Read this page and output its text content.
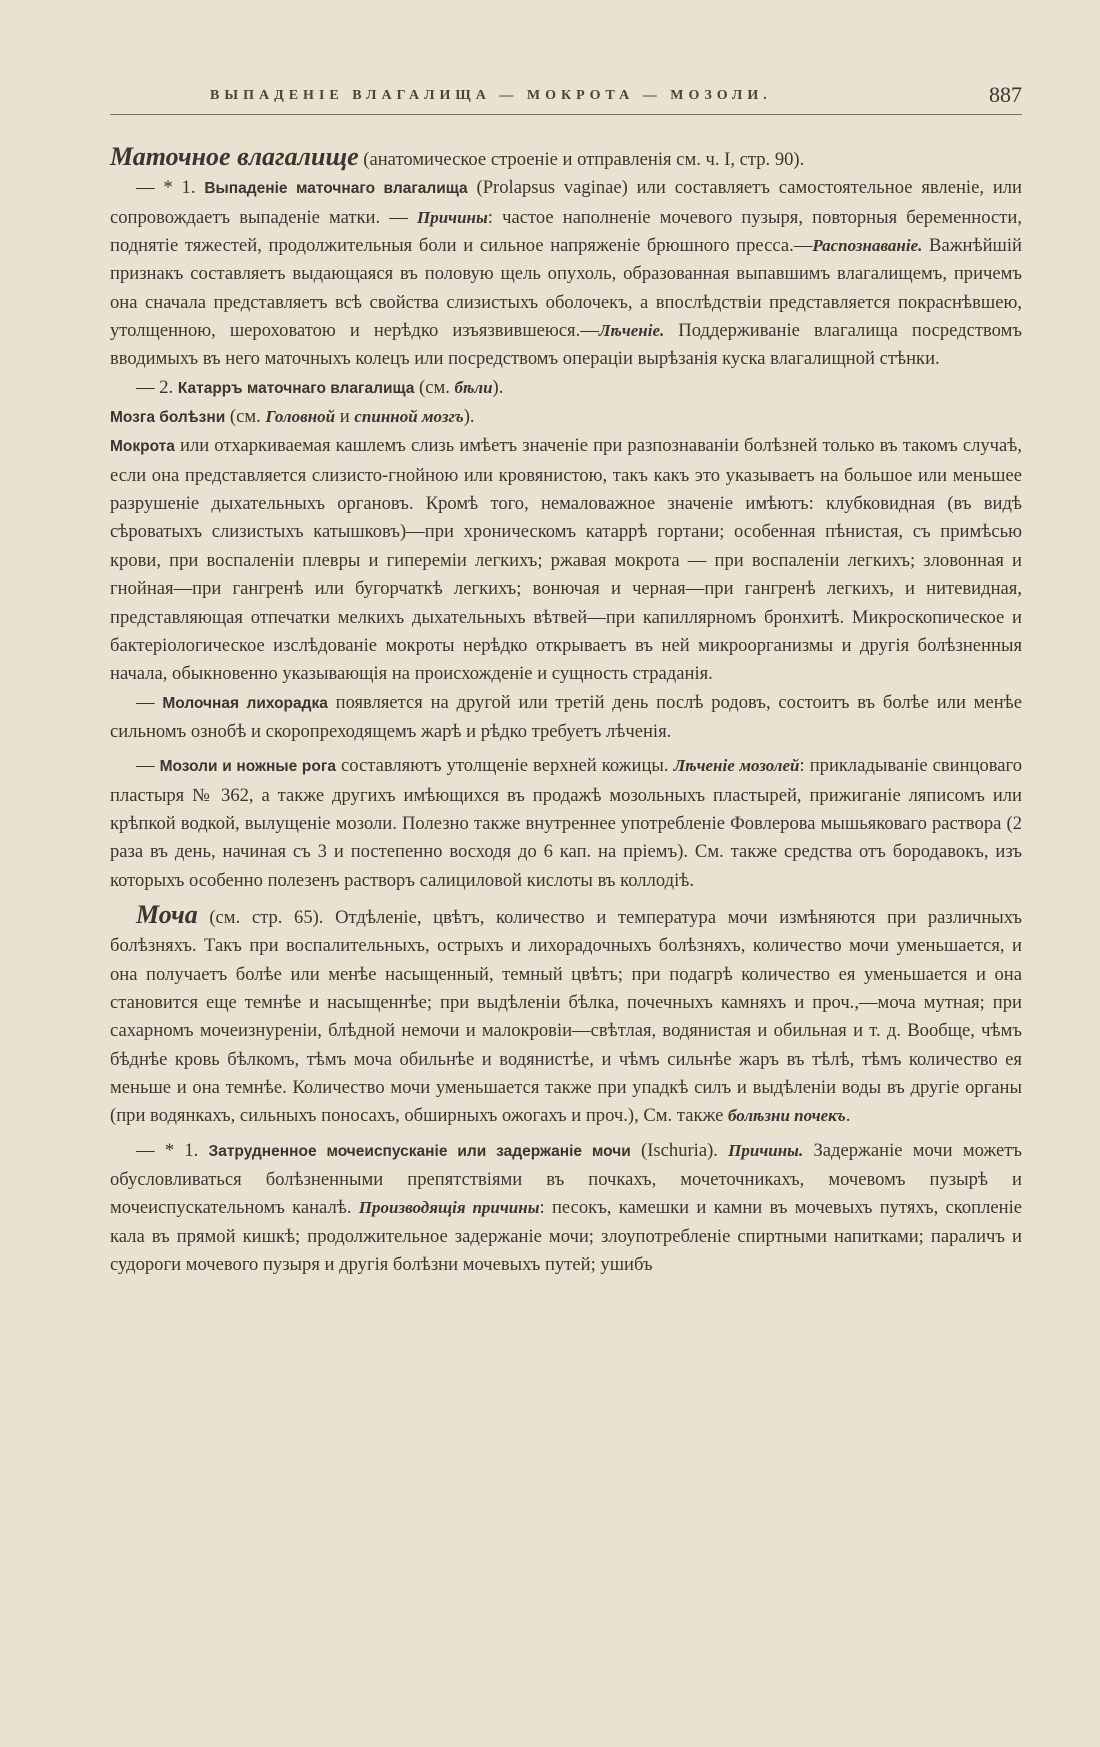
ВЫПАДЕНІЕ ВЛАГАЛИЩА — МОКРОТА — МОЗОЛИ.	887

Маточное влагалище (анатомическое строеніе и отправленія см. ч. I, стр. 90).

— * 1. Выпаденіе маточнаго влагалища (Prolapsus vaginae) или составляетъ самостоятельное явленіе, или сопровождаетъ выпаденіе матки. — Причины: частое наполненіе мочевого пузыря, повторныя беременности, поднятіе тяжестей, продолжительныя боли и сильное напряженіе брюшного пресса.—Распознаваніе. Важнѣйшій признакъ составляетъ выдающаяся въ половую щель опухоль, образованная выпавшимъ влагалищемъ, причемъ она сначала представляетъ всѣ свойства слизистыхъ оболочекъ, а впослѣдствіи представляется покраснѣвшею, утолщенною, шероховатою и нерѣдко изъязвившеюся.—Лѣченіе. Поддерживаніе влагалища посредствомъ вводимыхъ въ него маточныхъ колецъ или посредствомъ операціи вырѣзанія куска влагалищной стѣнки.

— 2. Катарръ маточнаго влагалища (см. бѣли).

Мозга болѣзни (см. Головной и спинной мозгъ).

Мокрота или отхаркиваемая кашлемъ слизь имѣетъ значеніе при разпознаваніи болѣзней только въ такомъ случаѣ, если она представляется слизисто-гнойною или кровянистою, такъ какъ это указываетъ на большое или меньшее разрушеніе дыхательныхъ органовъ. Кромѣ того, немаловажное значеніе имѣютъ: клубковидная (въ видѣ сѣроватыхъ слизистыхъ катышковъ)—при хроническомъ катаррѣ гортани; особенная пѣнистая, съ примѣсью крови, при воспаленіи плевры и гипереміи легкихъ; ржавая мокрота — при воспаленіи легкихъ; зловонная и гнойная—при гангренѣ или бугорчаткѣ легкихъ; вонючая и черная—при гангренѣ легкихъ, и нитевидная, представляющая отпечатки мелкихъ дыхательныхъ вѣтвей—при капиллярномъ бронхитѣ. Микроскопическое и бактеріологическое изслѣдованіе мокроты нерѣдко открываетъ въ ней микроорганизмы и другія болѣзненныя начала, обыкновенно указывающія на происхожденіе и сущность страданія.

— Молочная лихорадка появляется на другой или третій день послѣ родовъ, состоитъ въ болѣе или менѣе сильномъ ознобѣ и скоропреходящемъ жарѣ и рѣдко требуетъ лѣченія.

— Мозоли и ножные рога составляютъ утолщеніе верхней кожицы. Лѣченіе мозолей: прикладываніе свинцоваго пластыря № 362, а также другихъ имѣющихся въ продажѣ мозольныхъ пластырей, прижиганіе ляписомъ или крѣпкой водкой, вылущеніе мозоли. Полезно также внутреннее употребленіе Фовлерова мышьяковаго раствора (2 раза въ день, начиная съ 3 и постепенно восходя до 6 кап. на пріемъ). См. также средства отъ бородавокъ, изъ которыхъ особенно полезенъ растворъ салициловой кислоты въ коллодіѣ.

Моча (см. стр. 65). Отдѣленіе, цвѣтъ, количество и температура мочи измѣняются при различныхъ болѣзняхъ. Такъ при воспалительныхъ, острыхъ и лихорадочныхъ болѣзняхъ, количество мочи уменьшается, и она получаетъ болѣе или менѣе насыщенный, темный цвѣтъ; при подагрѣ количество ея уменьшается и она становится еще темнѣе и насыщеннѣе; при выдѣленіи бѣлка, почечныхъ камняхъ и проч.,—моча мутная; при сахарномъ мочеизнуреніи, блѣдной немочи и малокровіи—свѣтлая, водянистая и обильная и т. д. Вообще, чѣмъ бѣднѣе кровь бѣлкомъ, тѣмъ моча обильнѣе и водянистѣе, и чѣмъ сильнѣе жаръ въ тѣлѣ, тѣмъ количество ея меньше и она темнѣе. Количество мочи уменьшается также при упадкѣ силъ и выдѣленіи воды въ другіе органы (при водянкахъ, сильныхъ поносахъ, обширныхъ ожогахъ и проч.), См. также болѣзни почекъ.

— * 1. Затрудненное мочеиспусканіе или задержаніе мочи (Ischuria). Причины. Задержаніе мочи можетъ обусловливаться болѣзненными препятствіями въ почкахъ, мочеточникахъ, мочевомъ пузырѣ и мочеиспускательномъ каналѣ. Производящія причины: песокъ, камешки и камни въ мочевыхъ путяхъ, скопленіе кала въ прямой кишкѣ; продолжительное задержаніе мочи; злоупотребленіе спиртными напитками; параличъ и судороги мочевого пузыря и другія болѣзни мочевыхъ путей; ушибъ
